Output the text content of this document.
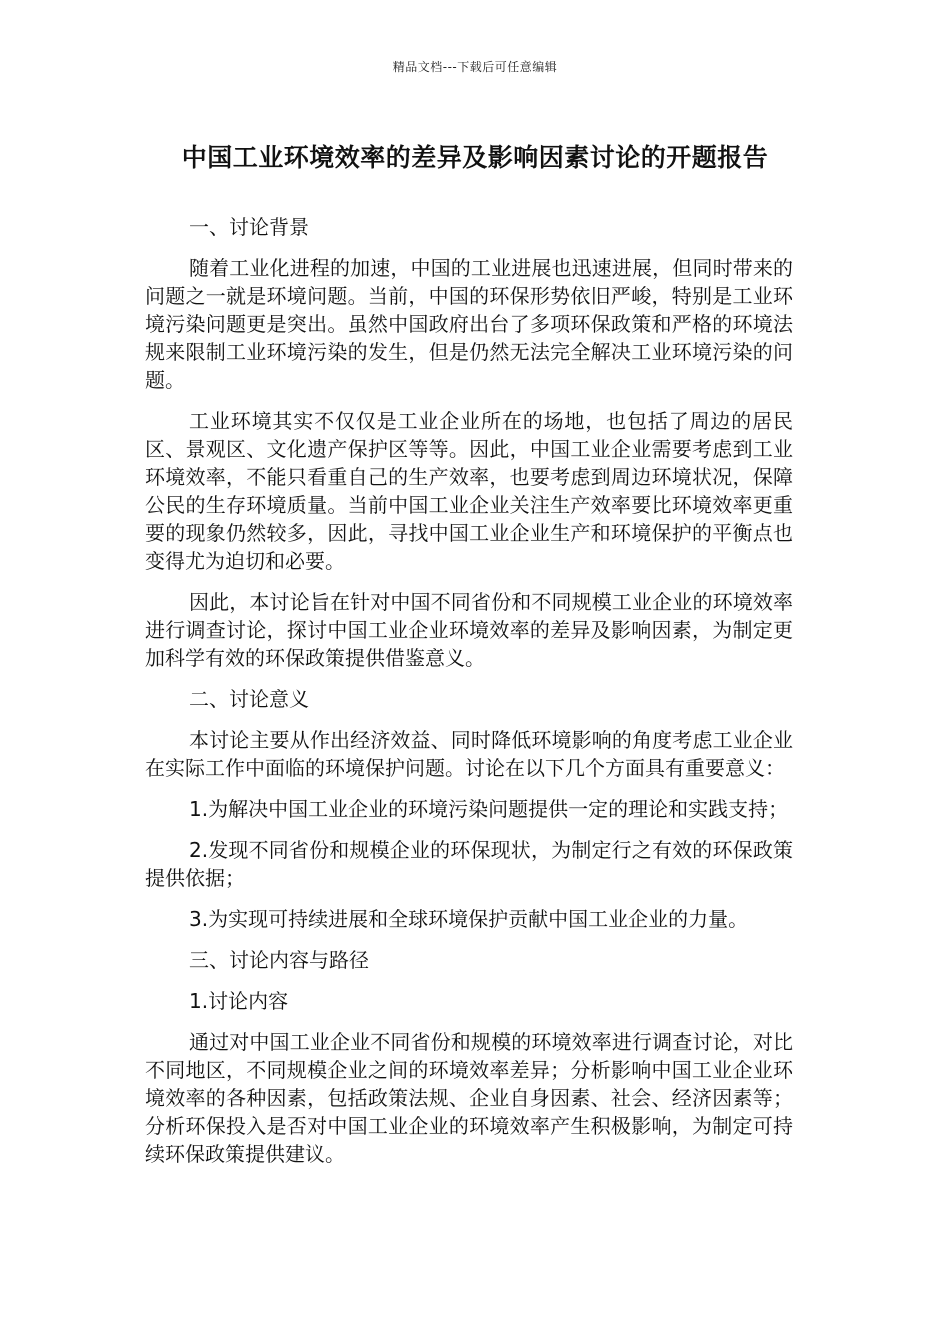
精品文档---下载后可任意编辑
中国工业环境效率的差异及影响因素讨论的开题报告

一、讨论背景

随着工业化进程的加速，中国的工业进展也迅速进展，但同时带来的问题之一就是环境问题。当前，中国的环保形势依旧严峻，特别是工业环境污染问题更是突出。虽然中国政府出台了多项环保政策和严格的环境法规来限制工业环境污染的发生，但是仍然无法完全解决工业环境污染的问题。

工业环境其实不仅仅是工业企业所在的场地，也包括了周边的居民区、景观区、文化遗产保护区等等。因此，中国工业企业需要考虑到工业环境效率，不能只看重自己的生产效率，也要考虑到周边环境状况，保障公民的生存环境质量。当前中国工业企业关注生产效率要比环境效率更重要的现象仍然较多，因此，寻找中国工业企业生产和环境保护的平衡点也变得尤为迫切和必要。

因此，本讨论旨在针对中国不同省份和不同规模工业企业的环境效率进行调查讨论，探讨中国工业企业环境效率的差异及影响因素，为制定更加科学有效的环保政策提供借鉴意义。

二、讨论意义

本讨论主要从作出经济效益、同时降低环境影响的角度考虑工业企业在实际工作中面临的环境保护问题。讨论在以下几个方面具有重要意义：

1.为解决中国工业企业的环境污染问题提供一定的理论和实践支持；

2.发现不同省份和规模企业的环保现状，为制定行之有效的环保政策提供依据；

3.为实现可持续进展和全球环境保护贡献中国工业企业的力量。

三、讨论内容与路径

1.讨论内容

通过对中国工业企业不同省份和规模的环境效率进行调查讨论，对比不同地区，不同规模企业之间的环境效率差异；分析影响中国工业企业环境效率的各种因素，包括政策法规、企业自身因素、社会、经济因素等；分析环保投入是否对中国工业企业的环境效率产生积极影响，为制定可持续环保政策提供建议。
